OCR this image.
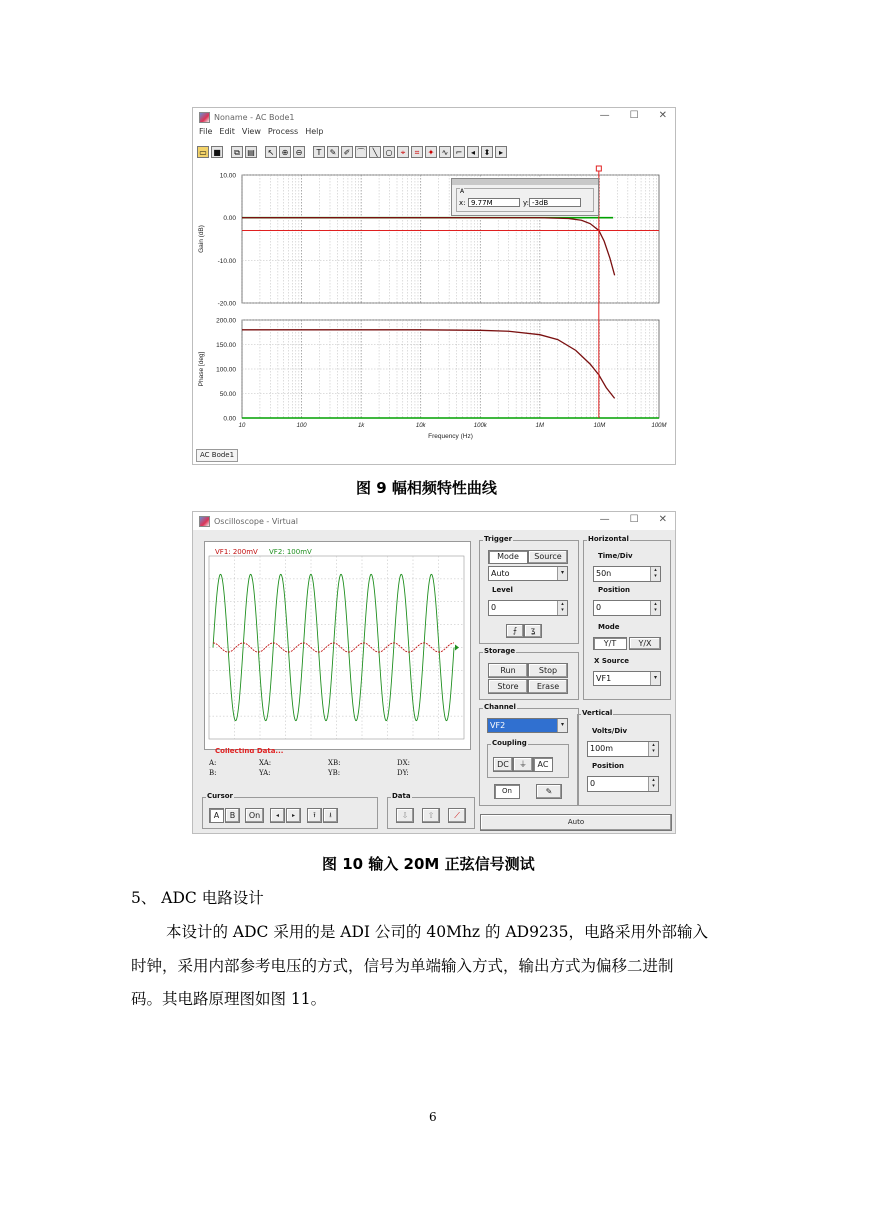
Noname - AC Bode1	—☐✕
File Edit View Process Help
▭ ■	⧉ ▤	↖ ⊕ ⊖	T	✎ ✐ ⌒ ╲	○	⌖	⌗	✦ ∿ ⌐	◂	⬍	▸
10.00
0.00
-10.00
-20.00
200.00
150.00
100.00
50.00
0.00
10	100	1k	10k	100k	1M	10M	100M
Gain (dB)
Phase [deg]
Frequency (Hz)
A
x: 9.77M	y: -3dB
AC Bode1
图 9 幅相频特性曲线
Oscilloscope - Virtual	—☐✕
VF1: 200mV VF2: 100mV
Collecting Data...
A:
B:
XA:
YA:
XB:
YB:
DX:
DY:
Cursor
A	B	On	◂	▸	⭱	⭳
Data
⇩	⇧	⟋
Trigger
Mode	Source
Auto	▾
Level
0	▴
▾
⨍	ʓ
Storage
Run	Stop
Store	Erase
Channel
VF2	▾
Coupling
DC	⏚	AC
On	✎
Horizontal
Time/Div
50n	▴
▾
Position
0	▴
▾
Mode
Y/T	Y/X
X Source
VF1	▾
Vertical
Volts/Div
100m	▴
▾
Position
0	▴
▾
Auto
图 10 输入 20M 正弦信号测试
5、 ADC 电路设计
本设计的 ADC 采用的是 ADI 公司的 40Mhz 的 AD9235，电路采用外部输入
时钟，采用内部参考电压的方式，信号为单端输入方式，输出方式为偏移二进制
码。其电路原理图如图 11。
6
